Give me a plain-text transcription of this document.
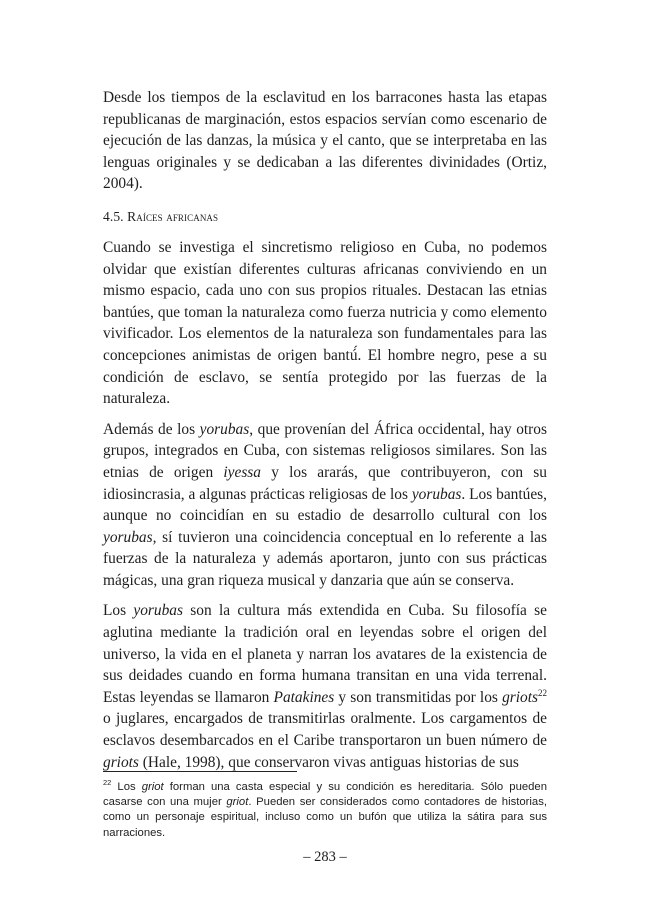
Desde los tiempos de la esclavitud en los barracones hasta las etapas republicanas de marginación, estos espacios servían como escenario de ejecución de las danzas, la música y el canto, que se interpretaba en las lenguas originales y se dedicaban a las diferentes divinidades (Ortiz, 2004).

4.5. Raíces africanas

Cuando se investiga el sincretismo religioso en Cuba, no podemos olvidar que existían diferentes culturas africanas conviviendo en un mismo espacio, cada uno con sus propios rituales. Destacan las etnias bantúes, que toman la naturaleza como fuerza nutricia y como elemento vivificador. Los elementos de la naturaleza son fundamentales para las concepciones animistas de origen bantú́. El hombre negro, pese a su condición de esclavo, se sentía protegido por las fuerzas de la naturaleza.

Además de los yorubas, que provenían del África occidental, hay otros grupos, integrados en Cuba, con sistemas religiosos similares. Son las etnias de origen iyessa y los ararás, que contribuyeron, con su idiosincrasia, a algunas prácticas religiosas de los yorubas. Los bantúes, aunque no coincidían en su estadio de desarrollo cultural con los yorubas, sí tuvieron una coincidencia conceptual en lo referente a las fuerzas de la naturaleza y además aportaron, junto con sus prácticas mágicas, una gran riqueza musical y danzaria que aún se conserva.

Los yorubas son la cultura más extendida en Cuba. Su filosofía se aglutina mediante la tradición oral en leyendas sobre el origen del universo, la vida en el planeta y narran los avatares de la existencia de sus deidades cuando en forma humana transitan en una vida terrenal. Estas leyendas se llamaron Patakines y son transmitidas por los griots$^{22}$ o juglares, encargados de transmitirlas oralmente. Los cargamentos de esclavos desembarcados en el Caribe transportaron un buen número de griots (Hale, 1998), que conservaron vivas antiguas historias de sus

$^{22}$ Los griot forman una casta especial y su condición es hereditaria. Sólo pueden casarse con una mujer griot. Pueden ser considerados como contadores de historias, como un personaje espiritual, incluso como un bufón que utiliza la sátira para sus narraciones.

– 283 –
